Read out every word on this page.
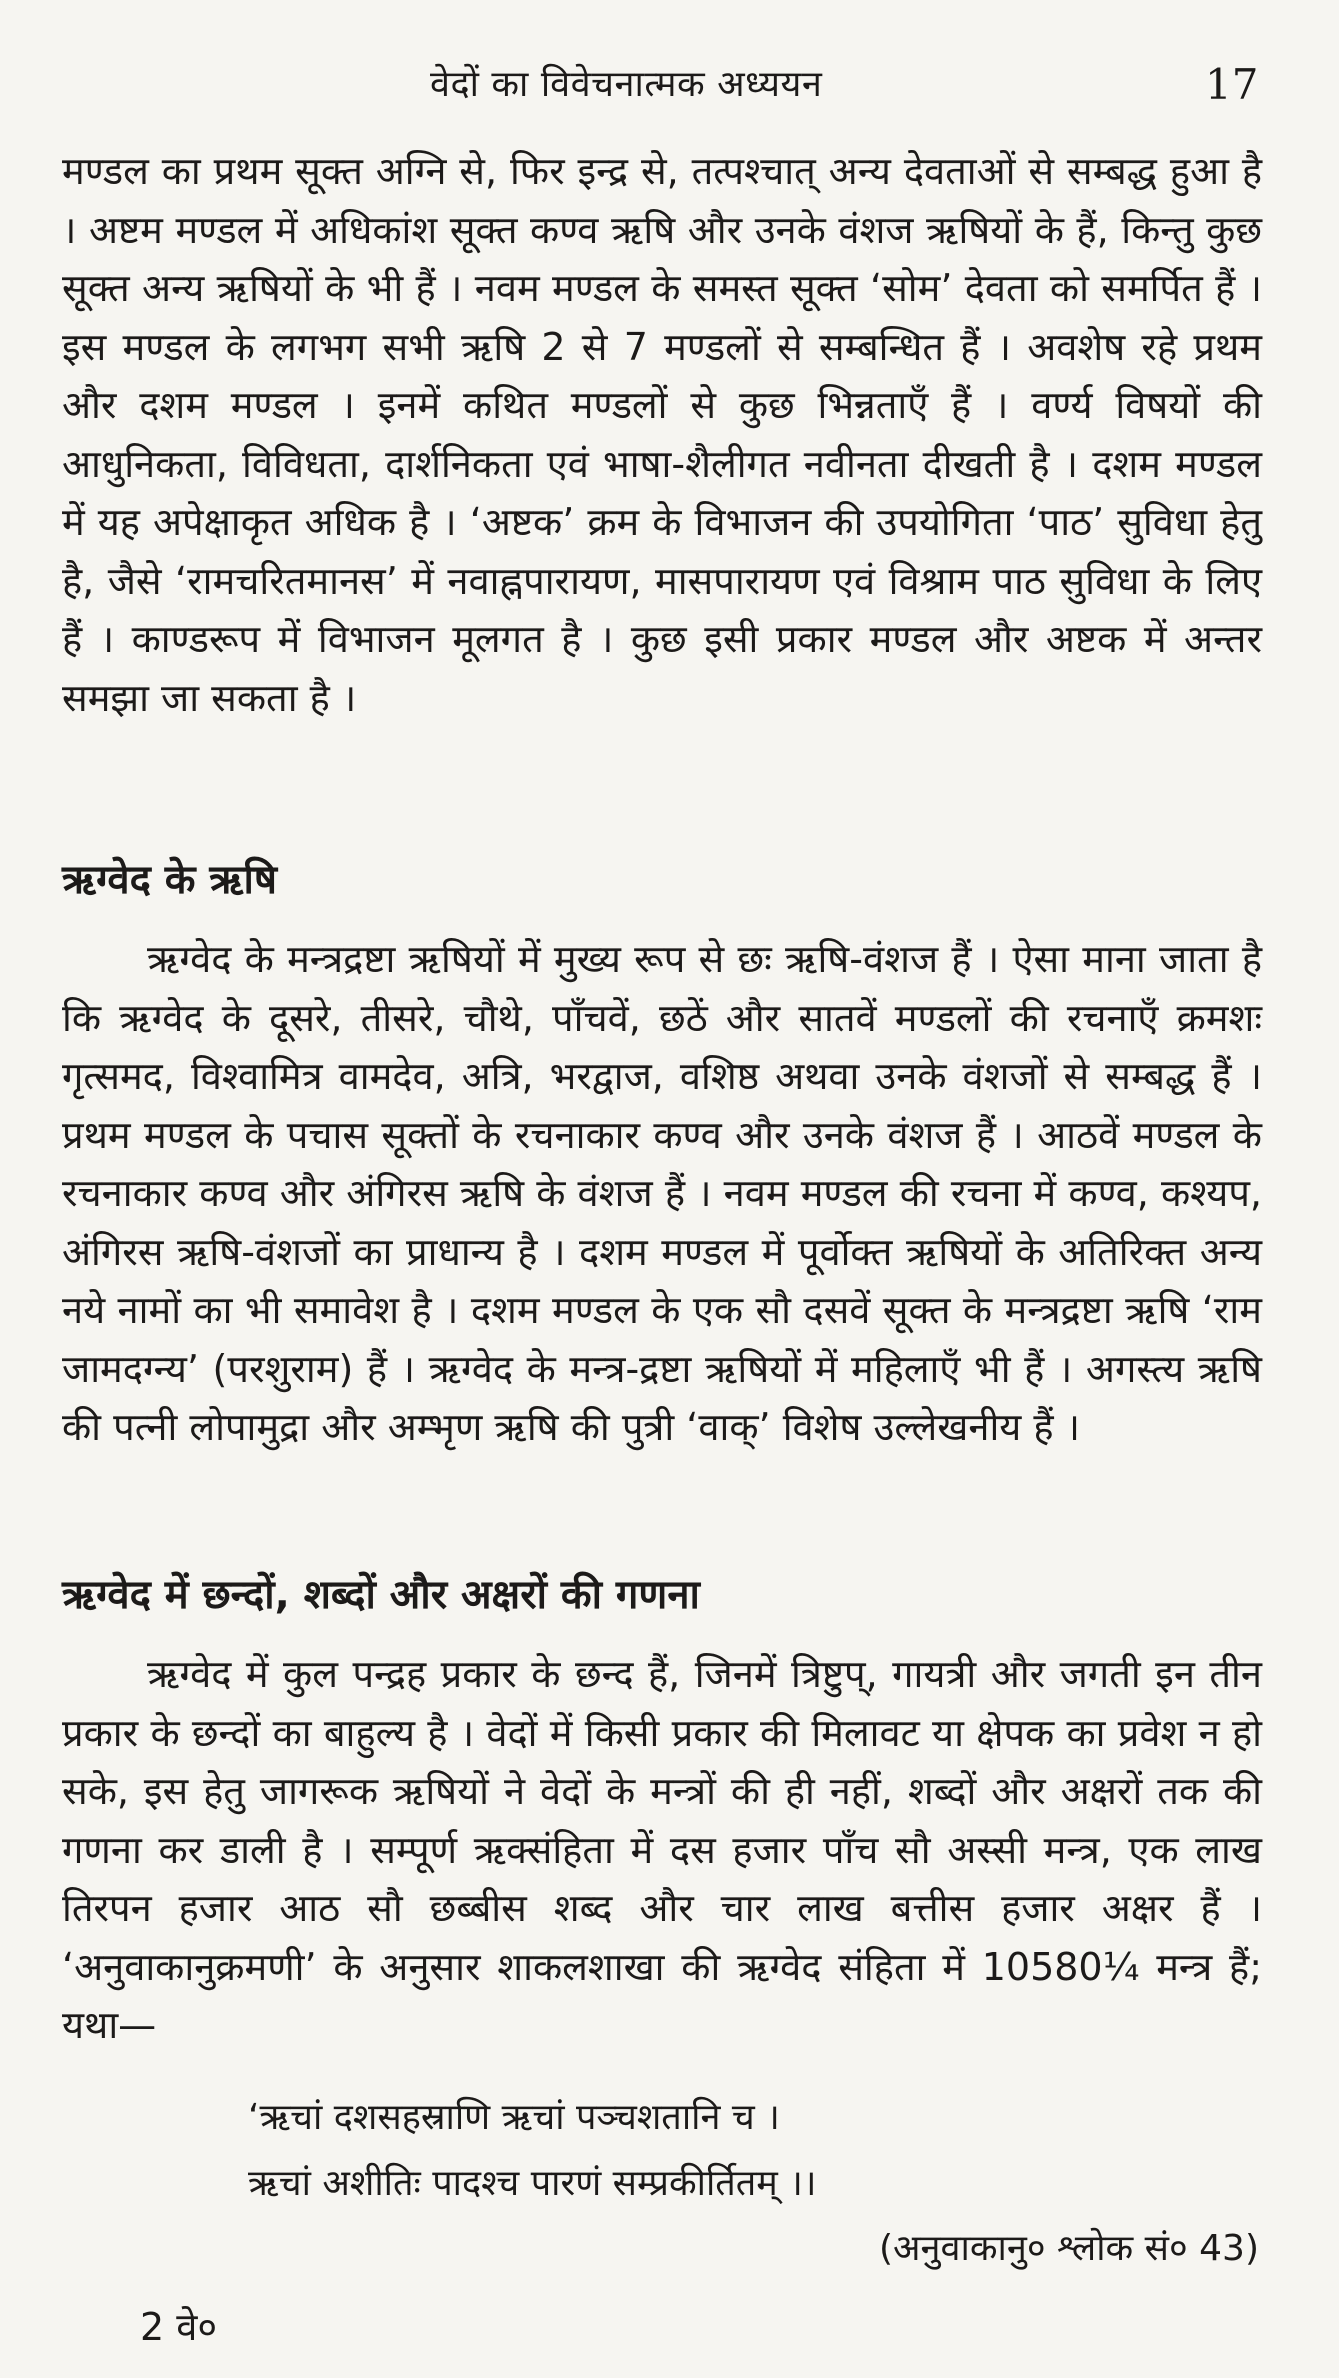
वेदों का विवेचनात्मक अध्ययन	17

मण्डल का प्रथम सूक्त अग्नि से, फिर इन्द्र से, तत्पश्चात् अन्य देवताओं से सम्बद्ध हुआ है । अष्टम मण्डल में अधिकांश सूक्त कण्व ऋषि और उनके वंशज ऋषियों के हैं, किन्तु कुछ सूक्त अन्य ऋषियों के भी हैं । नवम मण्डल के समस्त सूक्त ‘सोम’ देवता को समर्पित हैं । इस मण्डल के लगभग सभी ऋषि 2 से 7 मण्डलों से सम्बन्धित हैं । अवशेष रहे प्रथम और दशम मण्डल । इनमें कथित मण्डलों से कुछ भिन्नताएँ हैं । वर्ण्य विषयों की आधुनिकता, विविधता, दार्शनिकता एवं भाषा-शैलीगत नवीनता दीखती है । दशम मण्डल में यह अपेक्षाकृत अधिक है । ‘अष्टक’ क्रम के विभाजन की उपयोगिता ‘पाठ’ सुविधा हेतु है, जैसे ‘रामचरितमानस’ में नवाह्नपारायण, मासपारायण एवं विश्राम पाठ सुविधा के लिए हैं । काण्डरूप में विभाजन मूलगत है । कुछ इसी प्रकार मण्डल और अष्टक में अन्तर समझा जा सकता है ।

ऋग्वेद के ऋषि

ऋग्वेद के मन्त्रद्रष्टा ऋषियों में मुख्य रूप से छः ऋषि-वंशज हैं । ऐसा माना जाता है कि ऋग्वेद के दूसरे, तीसरे, चौथे, पाँचवें, छठें और सातवें मण्डलों की रचनाएँ क्रमशः गृत्समद, विश्वामित्र वामदेव, अत्रि, भरद्वाज, वशिष्ठ अथवा उनके वंशजों से सम्बद्ध हैं । प्रथम मण्डल के पचास सूक्तों के रचनाकार कण्व और उनके वंशज हैं । आठवें मण्डल के रचनाकार कण्व और अंगिरस ऋषि के वंशज हैं । नवम मण्डल की रचना में कण्व, कश्यप, अंगिरस ऋषि-वंशजों का प्राधान्य है । दशम मण्डल में पूर्वोक्त ऋषियों के अतिरिक्त अन्य नये नामों का भी समावेश है । दशम मण्डल के एक सौ दसवें सूक्त के मन्त्रद्रष्टा ऋषि ‘राम जामदग्न्य’ (परशुराम) हैं । ऋग्वेद के मन्त्र-द्रष्टा ऋषियों में महिलाएँ भी हैं । अगस्त्य ऋषि की पत्नी लोपामुद्रा और अम्भृण ऋषि की पुत्री ‘वाक्’ विशेष उल्लेखनीय हैं ।

ऋग्वेद में छन्दों, शब्दों और अक्षरों की गणना

ऋग्वेद में कुल पन्द्रह प्रकार के छन्द हैं, जिनमें त्रिष्टुप्, गायत्री और जगती इन तीन प्रकार के छन्दों का बाहुल्य है । वेदों में किसी प्रकार की मिलावट या क्षेपक का प्रवेश न हो सके, इस हेतु जागरूक ऋषियों ने वेदों के मन्त्रों की ही नहीं, शब्दों और अक्षरों तक की गणना कर डाली है । सम्पूर्ण ऋक्संहिता में दस हजार पाँच सौ अस्सी मन्त्र, एक लाख तिरपन हजार आठ सौ छब्बीस शब्द और चार लाख बत्तीस हजार अक्षर हैं । ‘अनुवाकानुक्रमणी’ के अनुसार शाकलशाखा की ऋग्वेद संहिता में 10580¼ मन्त्र हैं; यथा—

‘ऋचां दशसहस्राणि ऋचां पञ्चशतानि च ।
ऋचां अशीतिः पादश्च पारणं सम्प्रकीर्तितम् ।।
(अनुवाकानु० श्लोक सं० 43)
2 वे०
